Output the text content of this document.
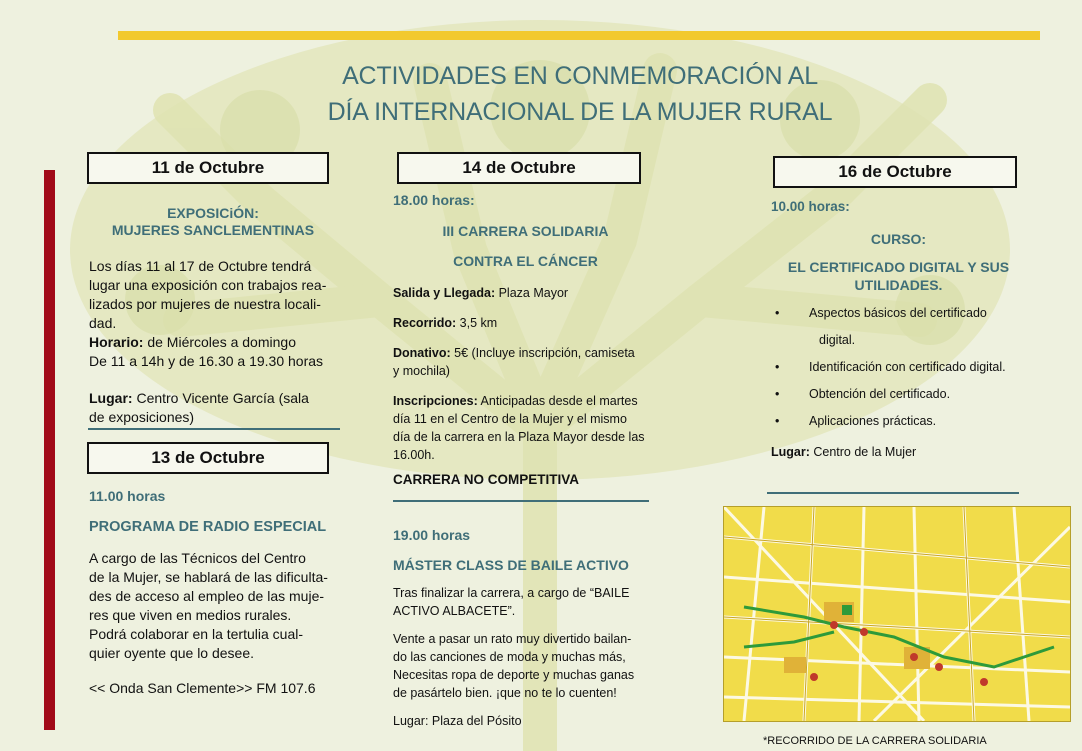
ACTIVIDADES EN CONMEMORACIÓN AL
DÍA INTERNACIONAL DE LA MUJER RURAL
11 de Octubre
EXPOSICiÓN:
MUJERES SANCLEMENTINAS
Los días 11 al 17 de Octubre tendrá
lugar una exposición con trabajos rea-
lizados por mujeres de nuestra locali-
dad.
Horario: de Miércoles a domingo
De 11 a 14h y de 16.30 a 19.30 horas
Lugar: Centro Vicente García (sala
de exposiciones)
13 de Octubre
11.00 horas
PROGRAMA DE RADIO ESPECIAL
A cargo de las Técnicos del Centro
de la Mujer, se hablará de las dificulta-
des de acceso al empleo de las muje-
res que viven en medios rurales.
Podrá colaborar en la tertulia cual-
quier oyente que lo desee.
<< Onda San Clemente>> FM 107.6
14 de Octubre
18.00 horas:
III CARRERA SOLIDARIA
CONTRA EL CÁNCER
Salida y Llegada: Plaza Mayor
Recorrido: 3,5 km
Donativo: 5€ (Incluye inscripción, camiseta
y mochila)
Inscripciones: Anticipadas desde el martes
día 11 en el Centro de la Mujer y el mismo
día de la carrera en la Plaza Mayor desde las
16.00h.
CARRERA NO COMPETITIVA
19.00 horas
MÁSTER CLASS DE BAILE ACTIVO
Tras finalizar la carrera, a cargo de “BAILE
ACTIVO ALBACETE”.
Vente a pasar un rato muy divertido bailan-
do las canciones de moda y muchas más,
Necesitas ropa de deporte y muchas ganas
de pasártelo bien. ¡que no te lo cuenten!
Lugar: Plaza del Pósito
16 de Octubre
10.00 horas:
CURSO:
EL CERTIFICADO DIGITAL Y SUS
UTILIDADES.
• Aspectos básicos del certificado
digital.
• Identificación con certificado digital.
• Obtención del certificado.
• Aplicaciones prácticas.
Lugar: Centro de la Mujer
*RECORRIDO DE LA CARRERA SOLIDARIA
